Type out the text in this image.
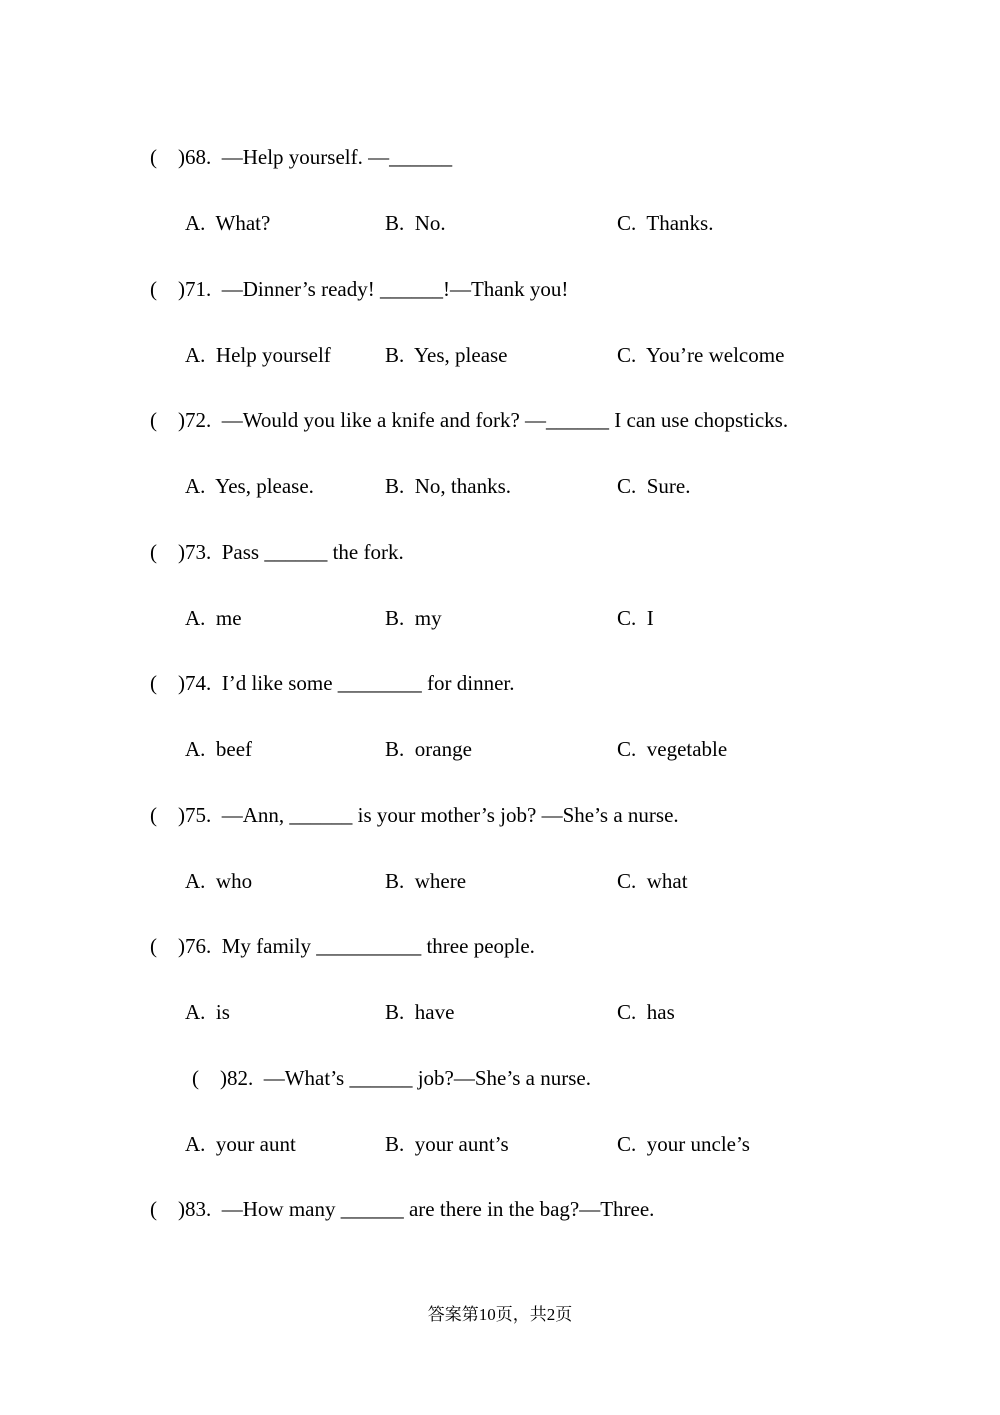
(    )68.  —Help yourself. —______
A.  What?	B.  No.	C.  Thanks.
(    )71.  —Dinner’s ready! ______!—Thank you!
A.  Help yourself	B.  Yes, please	C.  You’re welcome
(    )72.  —Would you like a knife and fork? —______ I can use chopsticks.
A.  Yes, please.	B.  No, thanks.	C.  Sure.
(    )73.  Pass ______ the fork.
A.  me	B.  my	C.  I
(    )74.  I’d like some ________ for dinner.
A.  beef	B.  orange	C.  vegetable
(    )75.  —Ann, ______ is your mother’s job? —She’s a nurse.
A.  who	B.  where	C.  what
(    )76.  My family __________ three people.
A.  is	B.  have	C.  has
(    )82.  —What’s ______ job?—She’s a nurse.
A.  your aunt	B.  your aunt’s	C.  your uncle’s
(    )83.  —How many ______ are there in the bag?—Three.
答案第10页，共2页
